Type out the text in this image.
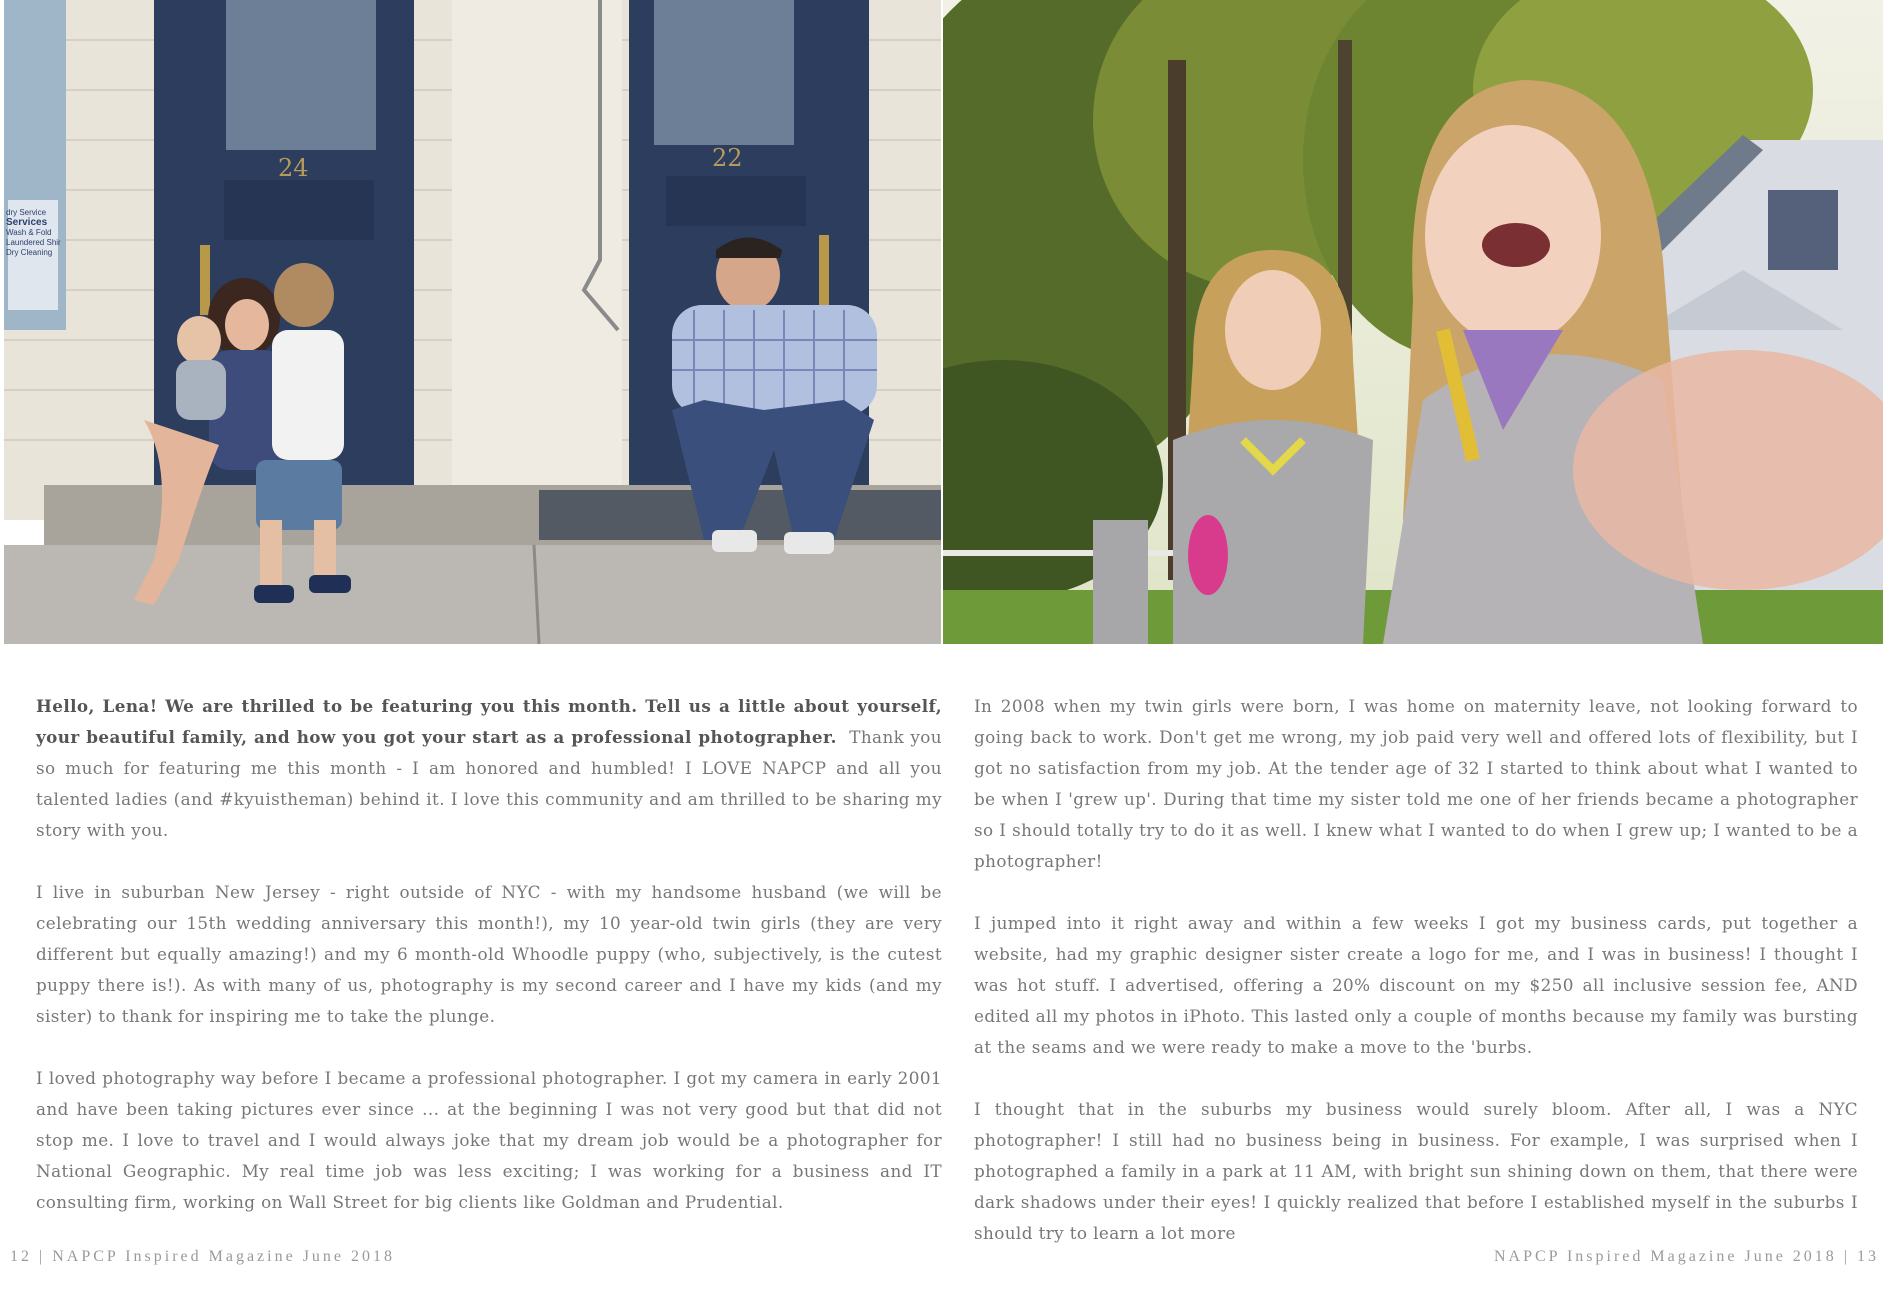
24	22
dry Service
Services
Wash & Fold
Laundered Shir
Dry Cleaning

Hello, Lena! We are thrilled to be featuring you this month. Tell us a little about yourself, your beautiful family, and how you got your start as a professional photographer. Thank you so much for featuring me this month - I am honored and humbled! I LOVE NAPCP and all you talented ladies (and #kyuistheman) behind it. I love this community and am thrilled to be sharing my story with you.

I live in suburban New Jersey - right outside of NYC - with my handsome husband (we will be celebrating our 15th wedding anniversary this month!), my 10 year-old twin girls (they are very different but equally amazing!) and my 6 month-old Whoodle puppy (who, subjectively, is the cutest puppy there is!). As with many of us, photography is my second career and I have my kids (and my sister) to thank for inspiring me to take the plunge.

I loved photography way before I became a professional photographer. I got my camera in early 2001 and have been taking pictures ever since ... at the beginning I was not very good but that did not stop me. I love to travel and I would always joke that my dream job would be a photographer for National Geographic. My real time job was less exciting; I was working for a business and IT consulting firm, working on Wall Street for big clients like Goldman and Prudential.

In 2008 when my twin girls were born, I was home on maternity leave, not looking forward to going back to work. Don't get me wrong, my job paid very well and offered lots of flexibility, but I got no satisfaction from my job. At the tender age of 32 I started to think about what I wanted to be when I 'grew up'. During that time my sister told me one of her friends became a photographer so I should totally try to do it as well. I knew what I wanted to do when I grew up; I wanted to be a photographer!

I jumped into it right away and within a few weeks I got my business cards, put together a website, had my graphic designer sister create a logo for me, and I was in business! I thought I was hot stuff. I advertised, offering a 20% discount on my $250 all inclusive session fee, AND edited all my photos in iPhoto. This lasted only a couple of months because my family was bursting at the seams and we were ready to make a move to the 'burbs.

I thought that in the suburbs my business would surely bloom. After all, I was a NYC photographer! I still had no business being in business. For example, I was surprised when I photographed a family in a park at 11 AM, with bright sun shining down on them, that there were dark shadows under their eyes! I quickly realized that before I established myself in the suburbs I should try to learn a lot more

12 | NAPCP Inspired Magazine June 2018	NAPCP Inspired Magazine June 2018 | 13
